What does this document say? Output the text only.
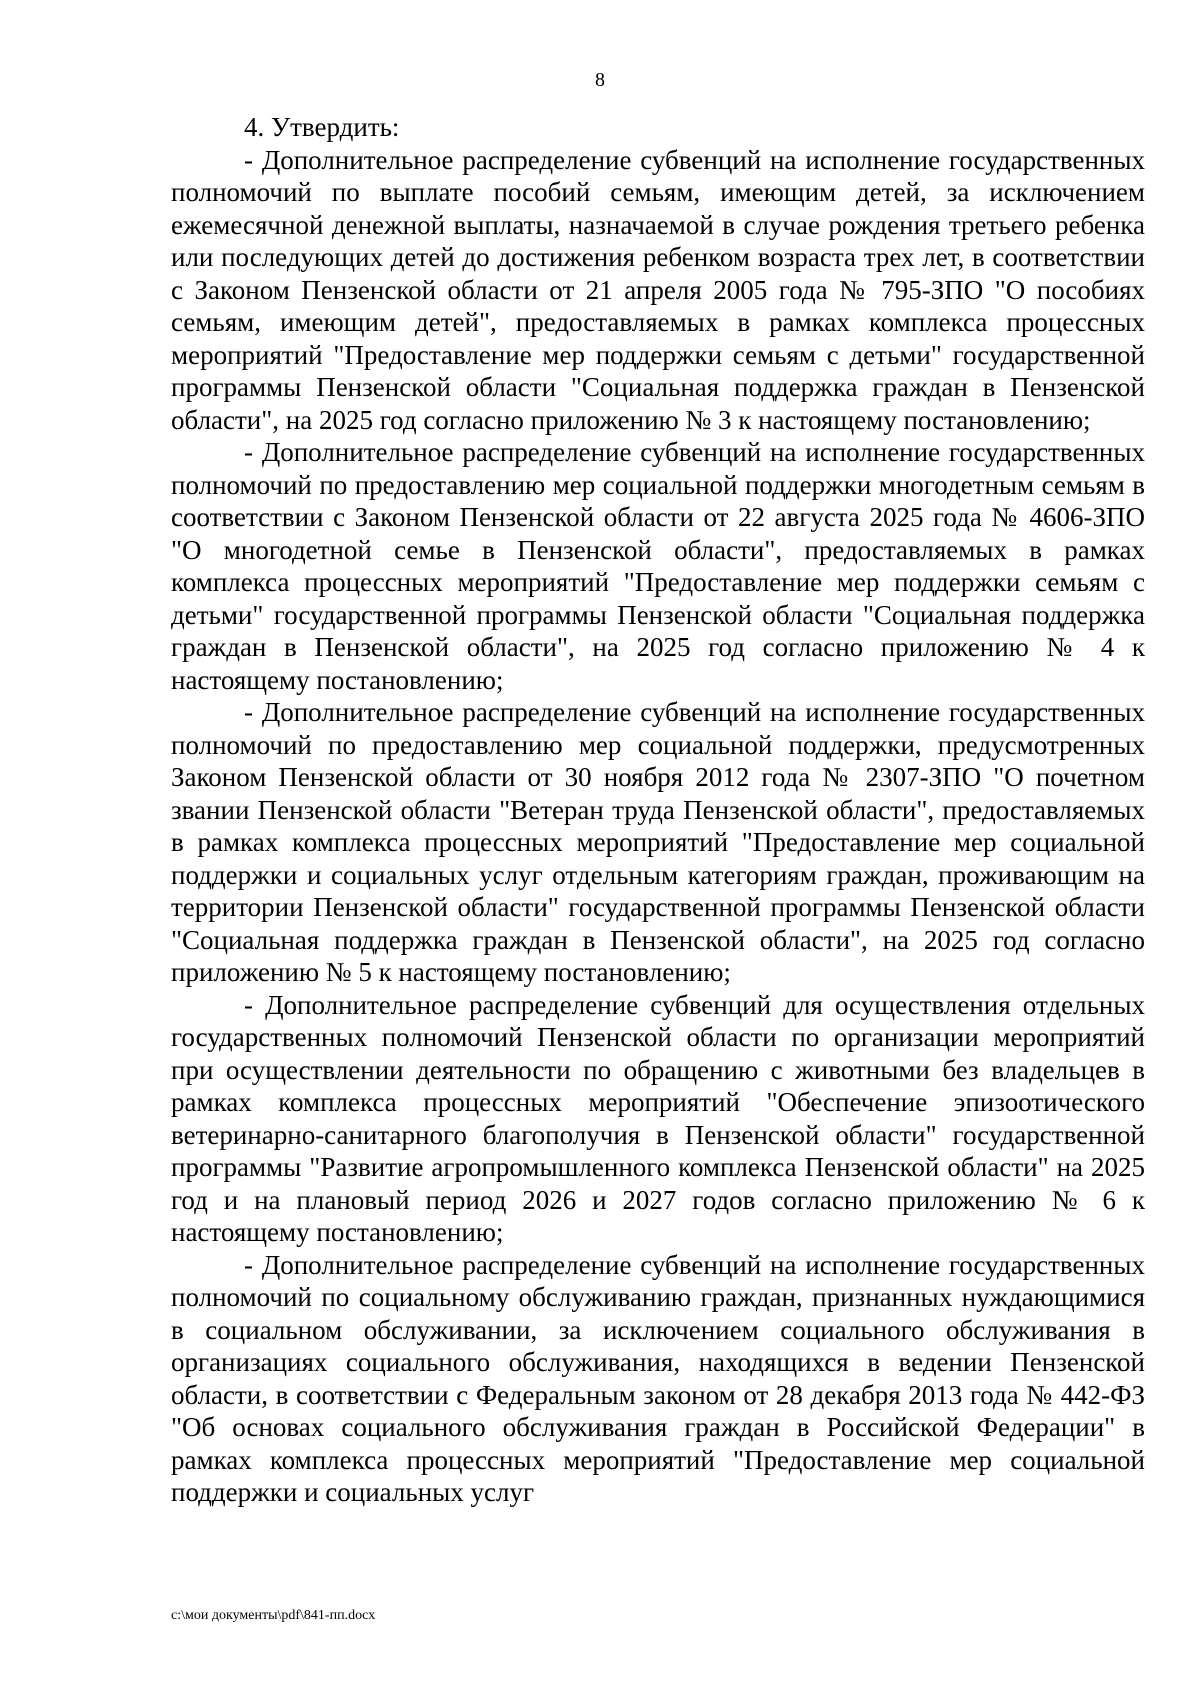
8

4. Утвердить:

- Дополнительное распределение субвенций на исполнение государственных полномочий по выплате пособий семьям, имеющим детей, за исключением ежемесячной денежной выплаты, назначаемой в случае рождения третьего ребенка или последующих детей до достижения ребенком возраста трех лет, в соответствии с Законом Пензенской области от 21 апреля 2005 года № 795-ЗПО "О пособиях семьям, имеющим детей", предоставляемых в рамках комплекса процессных мероприятий "Предоставление мер поддержки семьям с детьми" государственной программы Пензенской области "Социальная поддержка граждан в Пензенской области", на 2025 год согласно приложению № 3 к настоящему постановлению;

- Дополнительное распределение субвенций на исполнение государственных полномочий по предоставлению мер социальной поддержки многодетным семьям в соответствии с Законом Пензенской области от 22 августа 2025 года № 4606-ЗПО "О многодетной семье в Пензенской области", предоставляемых в рамках комплекса процессных мероприятий "Предоставление мер поддержки семьям с детьми" государственной программы Пензенской области "Социальная поддержка граждан в Пензенской области", на 2025 год согласно приложению № 4 к настоящему постановлению;

- Дополнительное распределение субвенций на исполнение государственных полномочий по предоставлению мер социальной поддержки, предусмотренных Законом Пензенской области от 30 ноября 2012 года № 2307-ЗПО "О почетном звании Пензенской области "Ветеран труда Пензенской области", предоставляемых в рамках комплекса процессных мероприятий "Предоставление мер социальной поддержки и социальных услуг отдельным категориям граждан, проживающим на территории Пензенской области" государственной программы Пензенской области "Социальная поддержка граждан в Пензенской области", на 2025 год согласно приложению № 5 к настоящему постановлению;

- Дополнительное распределение субвенций для осуществления отдельных государственных полномочий Пензенской области по организации мероприятий при осуществлении деятельности по обращению с животными без владельцев в рамках комплекса процессных мероприятий "Обеспечение эпизоотического ветеринарно-санитарного благополучия в Пензенской области" государственной программы "Развитие агропромышленного комплекса Пензенской области" на 2025 год и на плановый период 2026 и 2027 годов согласно приложению № 6 к настоящему постановлению;

- Дополнительное распределение субвенций на исполнение государственных полномочий по социальному обслуживанию граждан, признанных нуждающимися в социальном обслуживании, за исключением социального обслуживания в организациях социального обслуживания, находящихся в ведении Пензенской области, в соответствии с Федеральным законом от 28 декабря 2013 года № 442-ФЗ "Об основах социального обслуживания граждан в Российской Федерации" в рамках комплекса процессных мероприятий "Предоставление мер социальной поддержки и социальных услуг

c:\мои документы\pdf\841-пп.docx
